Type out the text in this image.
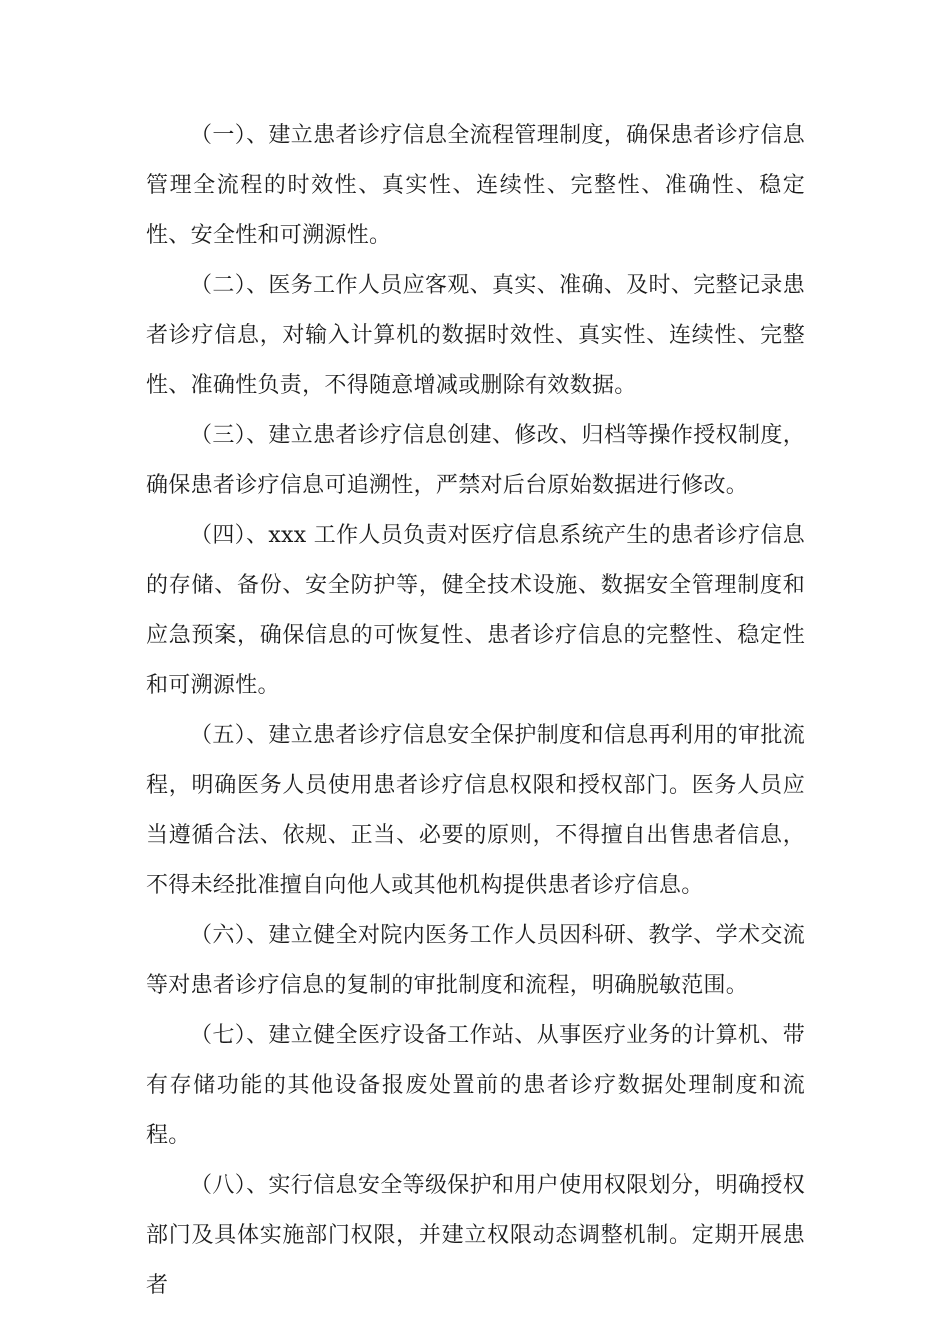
（一）、建立患者诊疗信息全流程管理制度，确保患者诊疗信息管理全流程的时效性、真实性、连续性、完整性、准确性、稳定性、安全性和可溯源性。

（二）、医务工作人员应客观、真实、准确、及时、完整记录患者诊疗信息，对输入计算机的数据时效性、真实性、连续性、完整性、准确性负责，不得随意增减或删除有效数据。

（三）、建立患者诊疗信息创建、修改、归档等操作授权制度，确保患者诊疗信息可追溯性，严禁对后台原始数据进行修改。

（四）、xxx 工作人员负责对医疗信息系统产生的患者诊疗信息的存储、备份、安全防护等，健全技术设施、数据安全管理制度和应急预案，确保信息的可恢复性、患者诊疗信息的完整性、稳定性和可溯源性。

（五）、建立患者诊疗信息安全保护制度和信息再利用的审批流程，明确医务人员使用患者诊疗信息权限和授权部门。医务人员应当遵循合法、依规、正当、必要的原则，不得擅自出售患者信息，不得未经批准擅自向他人或其他机构提供患者诊疗信息。

（六）、建立健全对院内医务工作人员因科研、教学、学术交流等对患者诊疗信息的复制的审批制度和流程，明确脱敏范围。

（七）、建立健全医疗设备工作站、从事医疗业务的计算机、带有存储功能的其他设备报废处置前的患者诊疗数据处理制度和流程。

（八）、实行信息安全等级保护和用户使用权限划分，明确授权部门及具体实施部门权限，并建立权限动态调整机制。定期开展患者
